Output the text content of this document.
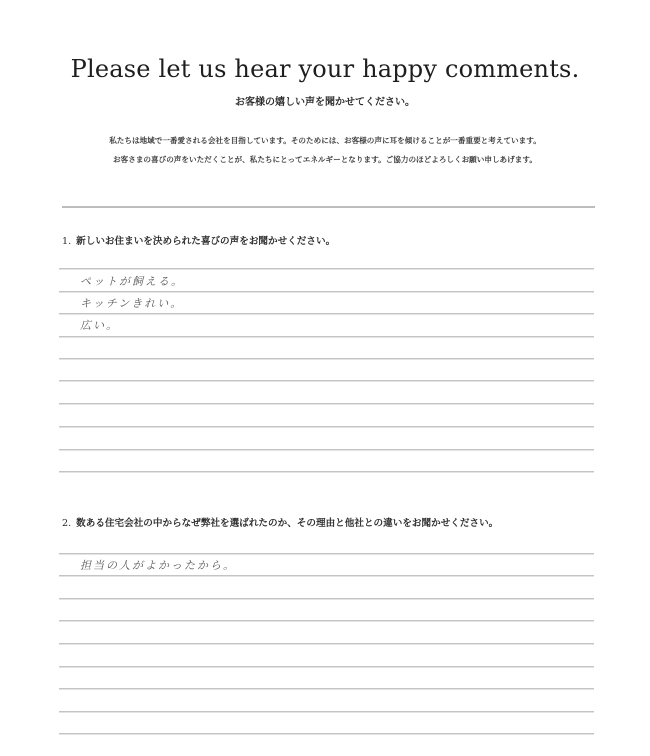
Please let us hear your happy comments.
お客様の嬉しい声を聞かせてください。
私たちは地域で一番愛される会社を目指しています。そのためには、お客様の声に耳を傾けることが一番重要と考えています。
お客さまの喜びの声をいただくことが、私たちにとってエネルギーとなります。ご協力のほどよろしくお願い申しあげます。
1. 新しいお住まいを決められた喜びの声をお聞かせください。
ペットが飼える。
キッチンきれい。
広い。
2. 数ある住宅会社の中からなぜ弊社を選ばれたのか、その理由と他社との違いをお聞かせください。
担当の人がよかったから。
